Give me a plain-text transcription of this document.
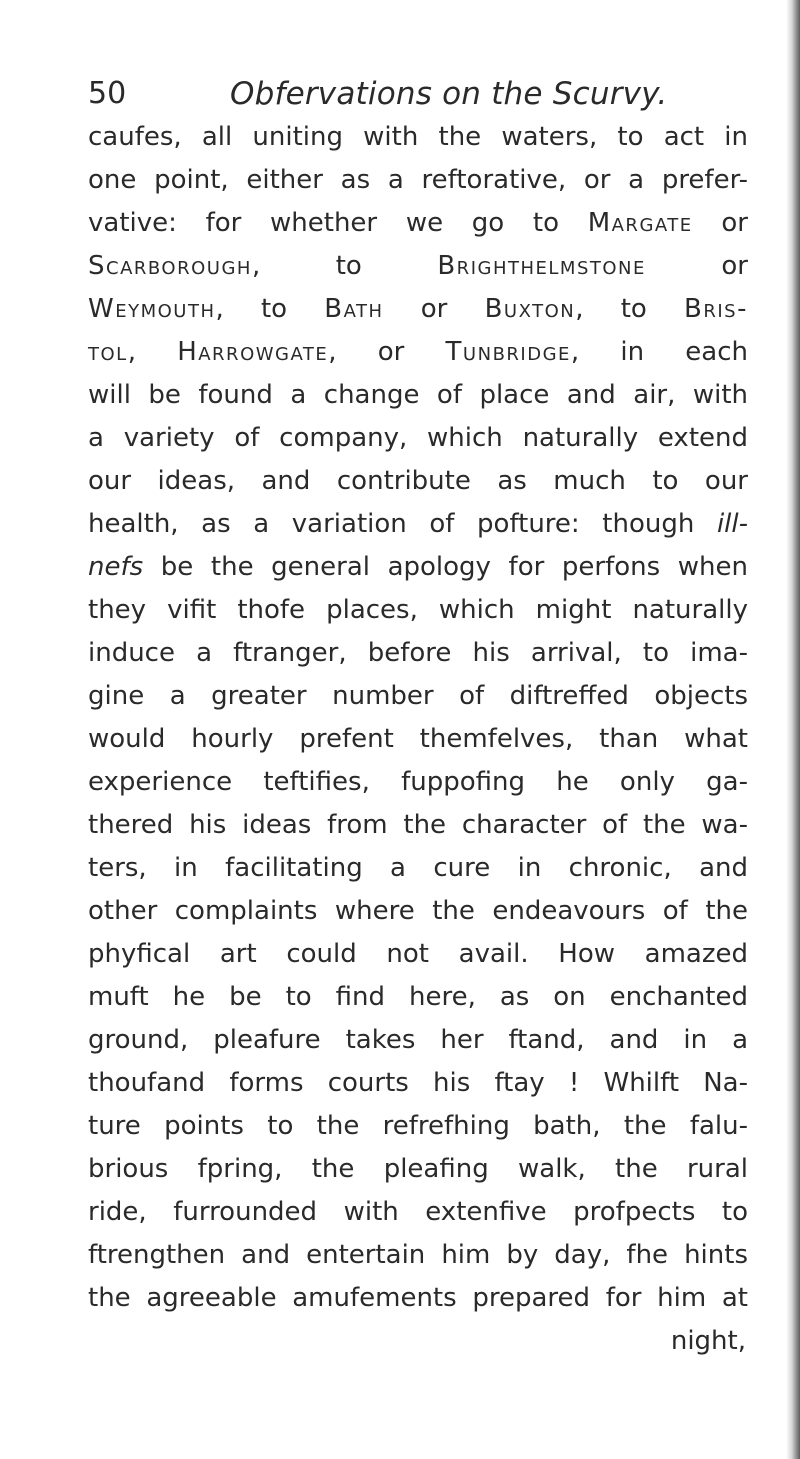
50	Obfervations on the Scurvy.
caufes, all uniting with the waters, to act in
one point, either as a reftorative, or a prefer-
vative: for whether we go to Margate or
Scarborough, to Brighthelmstone or
Weymouth, to Bath or Buxton, to Bris-
tol, Harrowgate, or Tunbridge, in each
will be found a change of place and air, with
a variety of company, which naturally extend
our ideas, and contribute as much to our
health, as a variation of pofture: though ill-
nefs be the general apology for perfons when
they vifit thofe places, which might naturally
induce a ftranger, before his arrival, to ima-
gine a greater number of diftreffed objects
would hourly prefent themfelves, than what
experience teftifies, fuppofing he only ga-
thered his ideas from the character of the wa-
ters, in facilitating a cure in chronic, and
other complaints where the endeavours of the
phyfical art could not avail. How amazed
muft he be to find here, as on enchanted
ground, pleafure takes her ftand, and in a
thoufand forms courts his ftay ! Whilft Na-
ture points to the refrefhing bath, the falu-
brious fpring, the pleafing walk, the rural
ride, furrounded with extenfive profpects to
ftrengthen and entertain him by day, fhe hints
the agreeable amufements prepared for him at
night,
